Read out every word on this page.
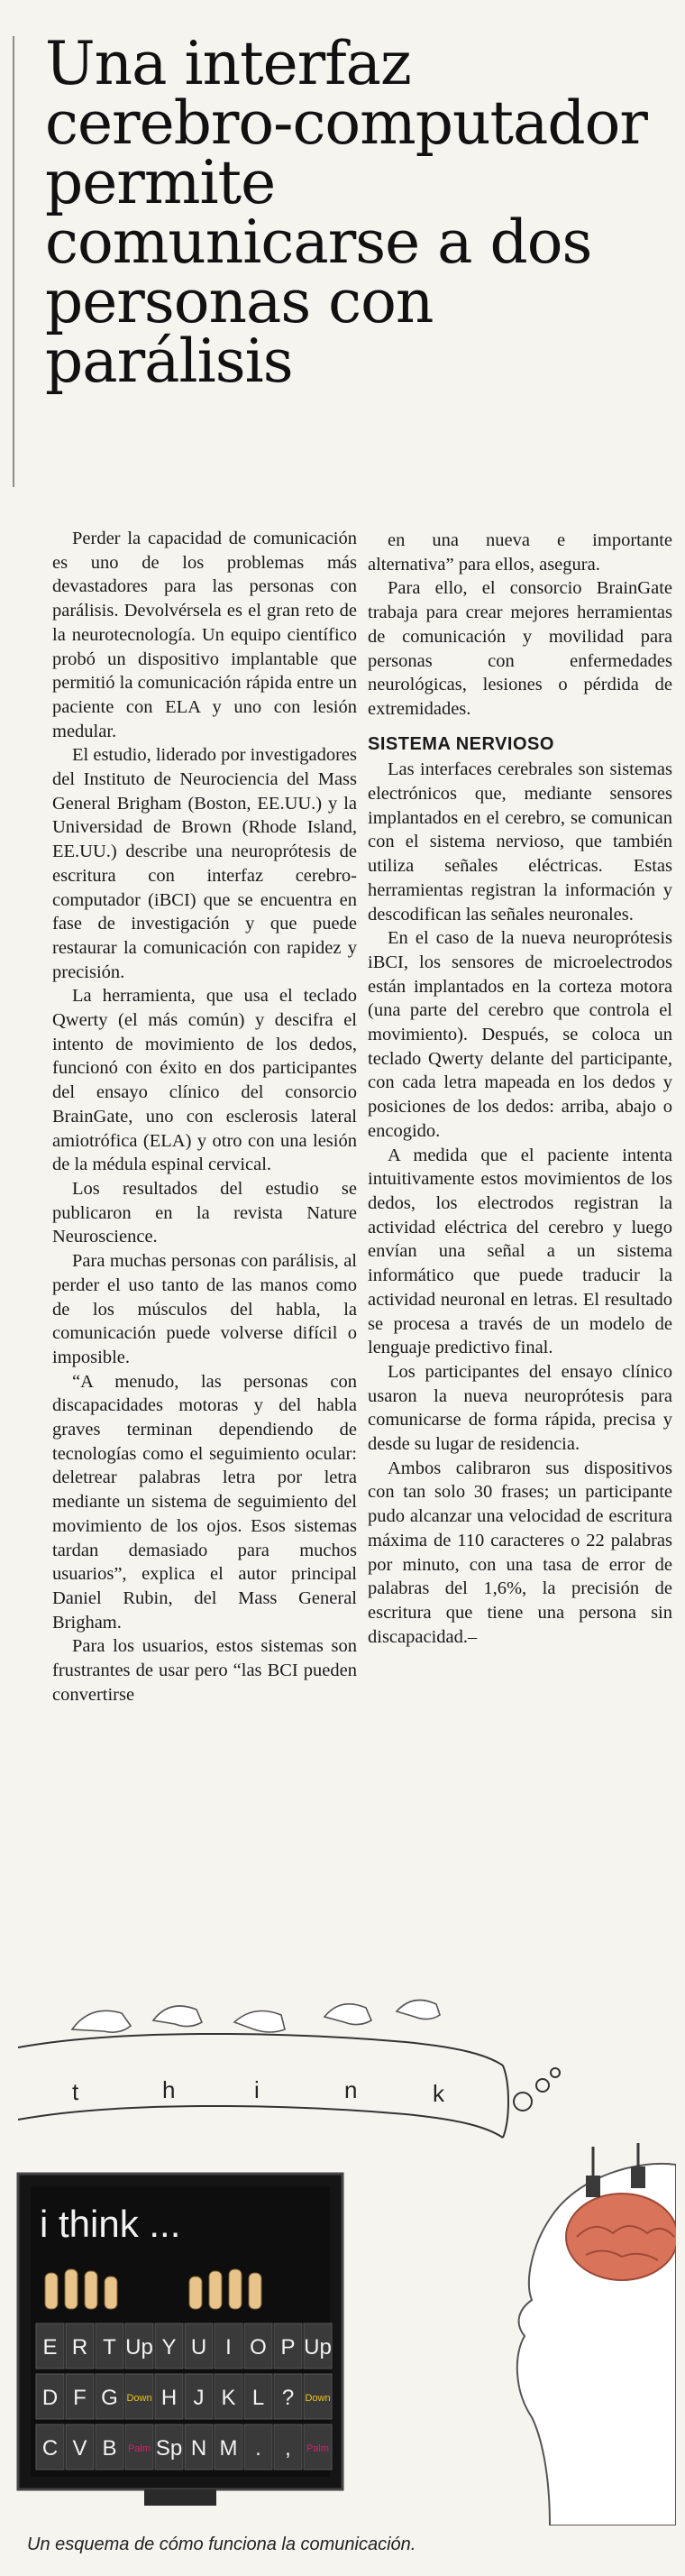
Una interfaz
cerebro-computador
permite
comunicarse a dos
personas con
parálisis

Perder la capacidad de comunicación es uno de los problemas más devastadores para las personas con parálisis. Devolvérsela es el gran reto de la neurotecnología. Un equipo científico probó un dispositivo implantable que permitió la comunicación rápida entre un paciente con ELA y uno con lesión medular.

El estudio, liderado por investigadores del Instituto de Neurociencia del Mass General Brigham (Boston, EE.UU.) y la Universidad de Brown (Rhode Island, EE.UU.) describe una neuroprótesis de escritura con interfaz cerebro-computador (iBCI) que se encuentra en fase de investigación y que puede restaurar la comunicación con rapidez y precisión.

La herramienta, que usa el teclado Qwerty (el más común) y descifra el intento de movimiento de los dedos, funcionó con éxito en dos participantes del ensayo clínico del consorcio BrainGate, uno con esclerosis lateral amiotrófica (ELA) y otro con una lesión de la médula espinal cervical.

Los resultados del estudio se publicaron en la revista Nature Neuroscience.

Para muchas personas con parálisis, al perder el uso tanto de las manos como de los músculos del habla, la comunicación puede volverse difícil o imposible.

“A menudo, las personas con discapacidades motoras y del habla graves terminan dependiendo de tecnologías como el seguimiento ocular: deletrear palabras letra por letra mediante un sistema de seguimiento del movimiento de los ojos. Esos sistemas tardan demasiado para muchos usuarios”, explica el autor principal Daniel Rubin, del Mass General Brigham.

Para los usuarios, estos sistemas son frustrantes de usar pero “las BCI pueden convertirse

en una nueva e importante alternativa” para ellos, asegura.

Para ello, el consorcio BrainGate trabaja para crear mejores herramientas de comunicación y movilidad para personas con enfermedades neurológicas, lesiones o pérdida de extremidades.

SISTEMA NERVIOSO

Las interfaces cerebrales son sistemas electrónicos que, mediante sensores implantados en el cerebro, se comunican con el sistema nervioso, que también utiliza señales eléctricas. Estas herramientas registran la información y descodifican las señales neuronales.

En el caso de la nueva neuroprótesis iBCI, los sensores de microelectrodos están implantados en la corteza motora (una parte del cerebro que controla el movimiento). Después, se coloca un teclado Qwerty delante del participante, con cada letra mapeada en los dedos y posiciones de los dedos: arriba, abajo o encogido.

A medida que el paciente intenta intuitivamente estos movimientos de los dedos, los electrodos registran la actividad eléctrica del cerebro y luego envían una señal a un sistema informático que puede traducir la actividad neuronal en letras. El resultado se procesa a través de un modelo de lenguaje predictivo final.

Los participantes del ensayo clínico usaron la nueva neuroprótesis para comunicarse de forma rápida, precisa y desde su lugar de residencia.

Ambos calibraron sus dispositivos con tan solo 30 frases; un participante pudo alcanzar una velocidad de escritura máxima de 110 caracteres o 22 palabras por minuto, con una tasa de error de palabras del 1,6%, la precisión de escritura que tiene una persona sin discapacidad.–

t	h	i	n	k
i think ...
E R T Up Y U I O P Up
D F G Down H J K L ? Down
C V B Palm Sp N M . , Palm
Un esquema de cómo funciona la comunicación.
